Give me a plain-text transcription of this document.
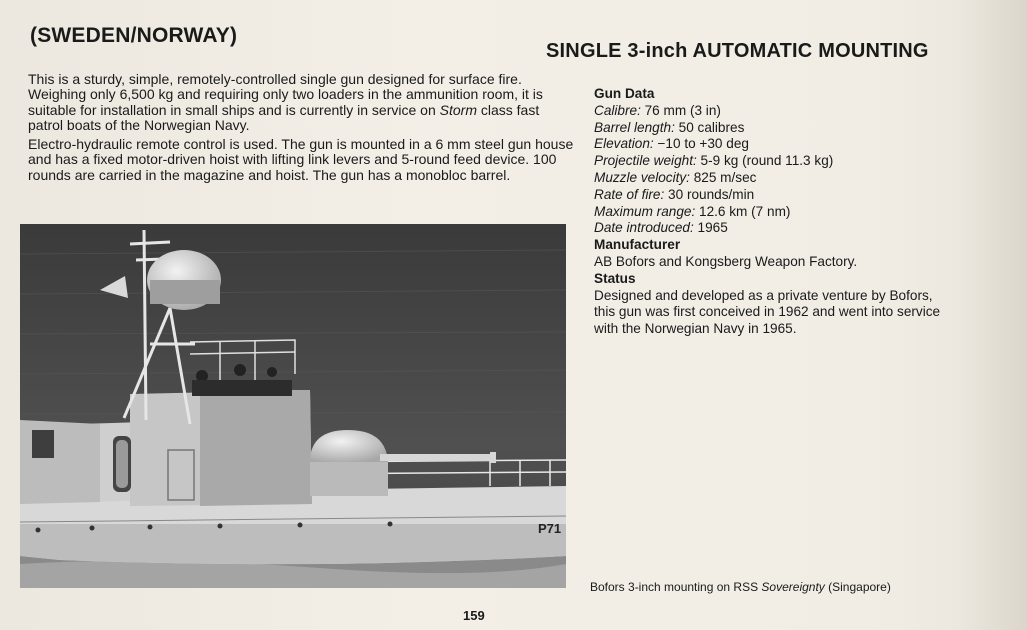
(SWEDEN/NORWAY)
SINGLE 3-inch AUTOMATIC MOUNTING

This is a sturdy, simple, remotely-controlled single gun designed for surface fire. Weighing only 6,500 kg and requiring only two loaders in the ammunition room, it is suitable for installation in small ships and is currently in service on Storm class fast patrol boats of the Norwegian Navy.

Electro-hydraulic remote control is used. The gun is mounted in a 6 mm steel gun house and has a fixed motor-driven hoist with lifting link levers and 5-round feed device. 100 rounds are carried in the magazine and hoist. The gun has a monobloc barrel.

P71
Gun Data
Calibre: 76 mm (3 in)
Barrel length: 50 calibres
Elevation: −10 to +30 deg
Projectile weight: 5-9 kg (round 11.3 kg)
Muzzle velocity: 825 m/sec
Rate of fire: 30 rounds/min
Maximum range: 12.6 km (7 nm)
Date introduced: 1965
Manufacturer
AB Bofors and Kongsberg Weapon Factory.
Status

Designed and developed as a private venture by Bofors, this gun was first conceived in 1962 and went into service with the Norwegian Navy in 1965.

Bofors 3-inch mounting on RSS Sovereignty (Singapore)
159
